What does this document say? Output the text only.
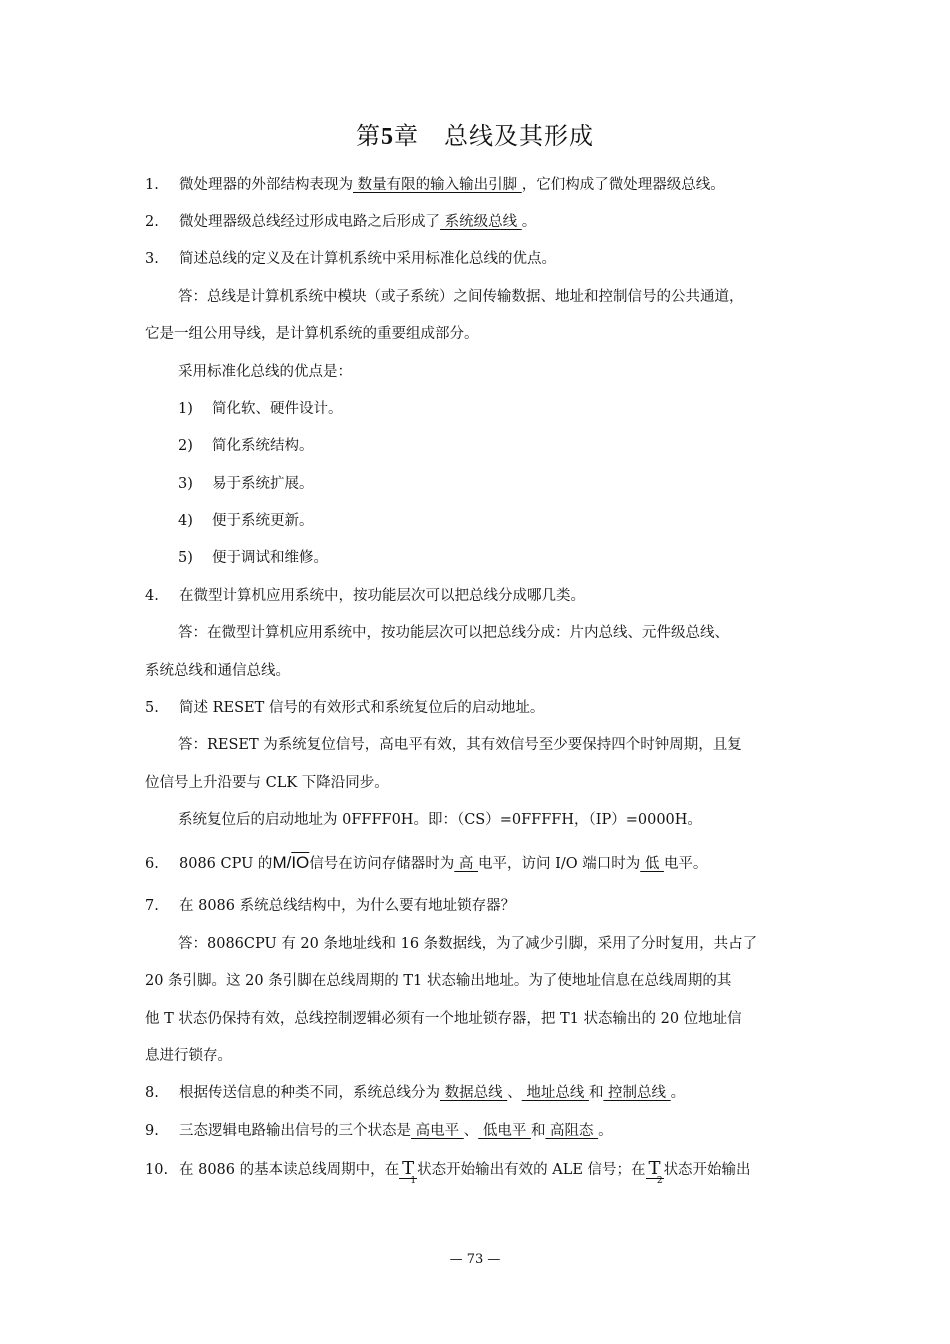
第5章　总线及其形成
1. 微处理器的外部结构表现为 数量有限的输入输出引脚 ，它们构成了微处理器级总线。
2. 微处理器级总线经过形成电路之后形成了 系统级总线 。
3. 简述总线的定义及在计算机系统中采用标准化总线的优点。
答：总线是计算机系统中模块（或子系统）之间传输数据、地址和控制信号的公共通道，
它是一组公用导线，是计算机系统的重要组成部分。
采用标准化总线的优点是：
1) 简化软、硬件设计。
2) 简化系统结构。
3) 易于系统扩展。
4) 便于系统更新。
5) 便于调试和维修。
4. 在微型计算机应用系统中，按功能层次可以把总线分成哪几类。
答：在微型计算机应用系统中，按功能层次可以把总线分成：片内总线、元件级总线、
系统总线和通信总线。
5. 简述 RESET 信号的有效形式和系统复位后的启动地址。
答：RESET 为系统复位信号，高电平有效，其有效信号至少要保持四个时钟周期，且复
位信号上升沿要与 CLK 下降沿同步。
系统复位后的启动地址为 0FFFF0H。即：（CS）=0FFFFH，（IP）=0000H。
6. 8086 CPU 的$M/\overline{IO}$信号在访问存储器时为 高 电平，访问 I/O 端口时为 低 电平。
7. 在 8086 系统总线结构中，为什么要有地址锁存器？
答：8086CPU 有 20 条地址线和 16 条数据线，为了减少引脚，采用了分时复用，共占了
20 条引脚。这 20 条引脚在总线周期的 T1 状态输出地址。为了使地址信息在总线周期的其
他 T 状态仍保持有效，总线控制逻辑必须有一个地址锁存器，把 T1 状态输出的 20 位地址信
息进行锁存。
8. 根据传送信息的种类不同，系统总线分为 数据总线 、 地址总线 和 控制总线 。
9. 三态逻辑电路输出信号的三个状态是 高电平 、 低电平 和 高阻态 。
10. 在 8086 的基本读总线周期中，在 T
1
状态开始输出有效的 ALE 信号；在 T
2
状态开始输出
— 73 —
